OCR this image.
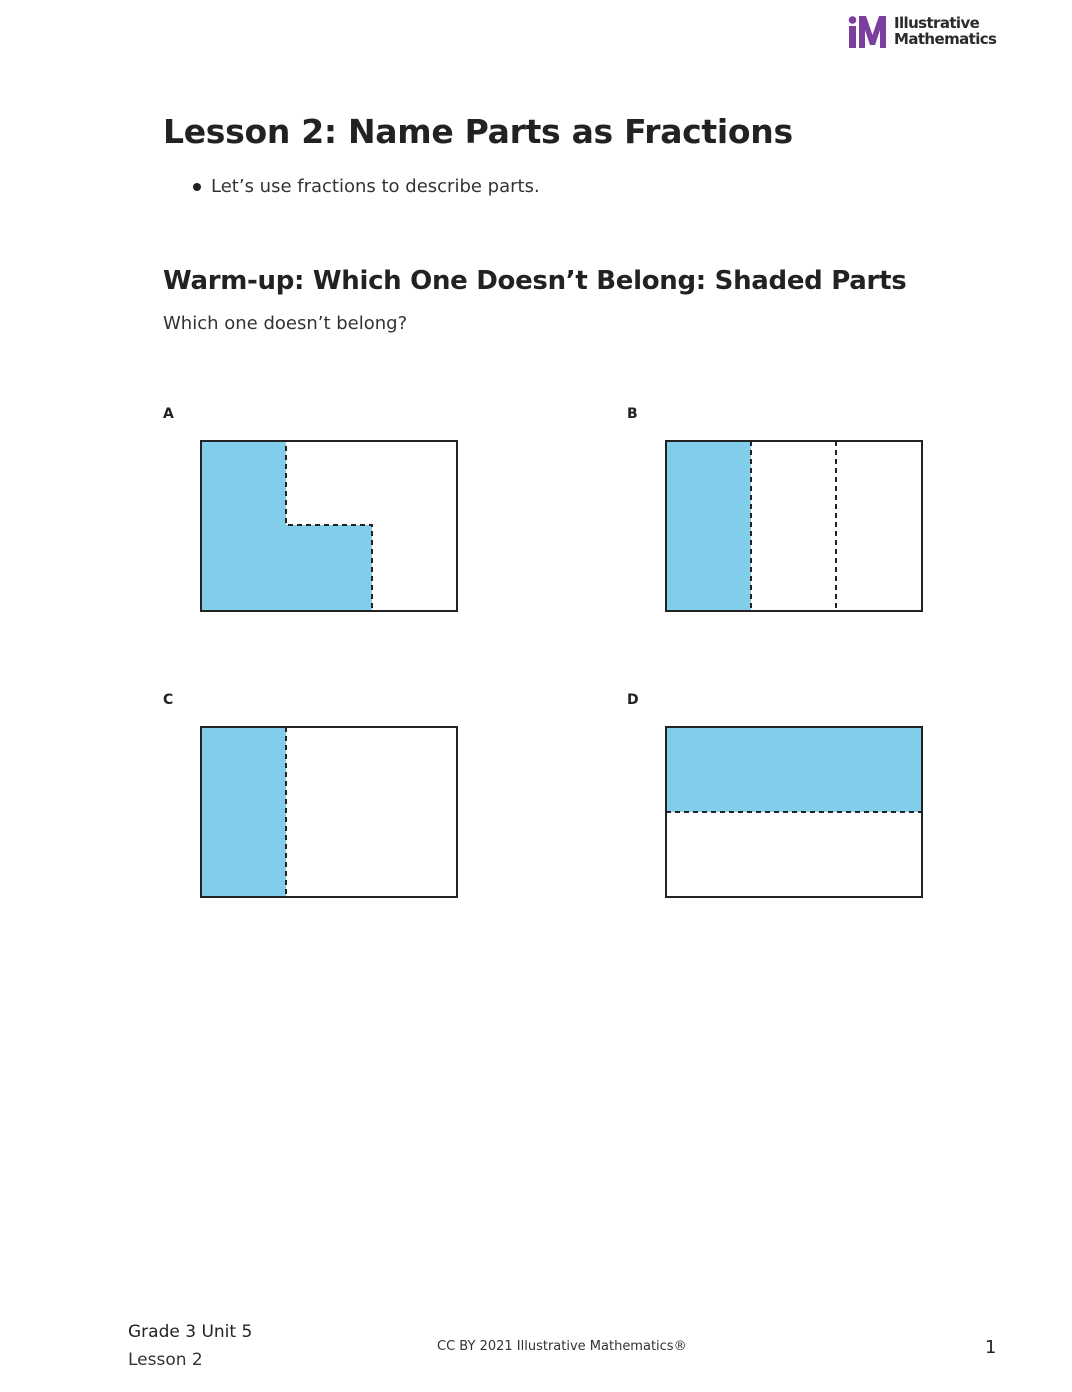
Illustrative
Mathematics
Lesson 2: Name Parts as Fractions
Let’s use fractions to describe parts.
Warm-up: Which One Doesn’t Belong: Shaded Parts

Which one doesn’t belong?

A	B
C	D
Grade 3 Unit 5
Lesson 2
CC BY 2021 Illustrative Mathematics®	1
